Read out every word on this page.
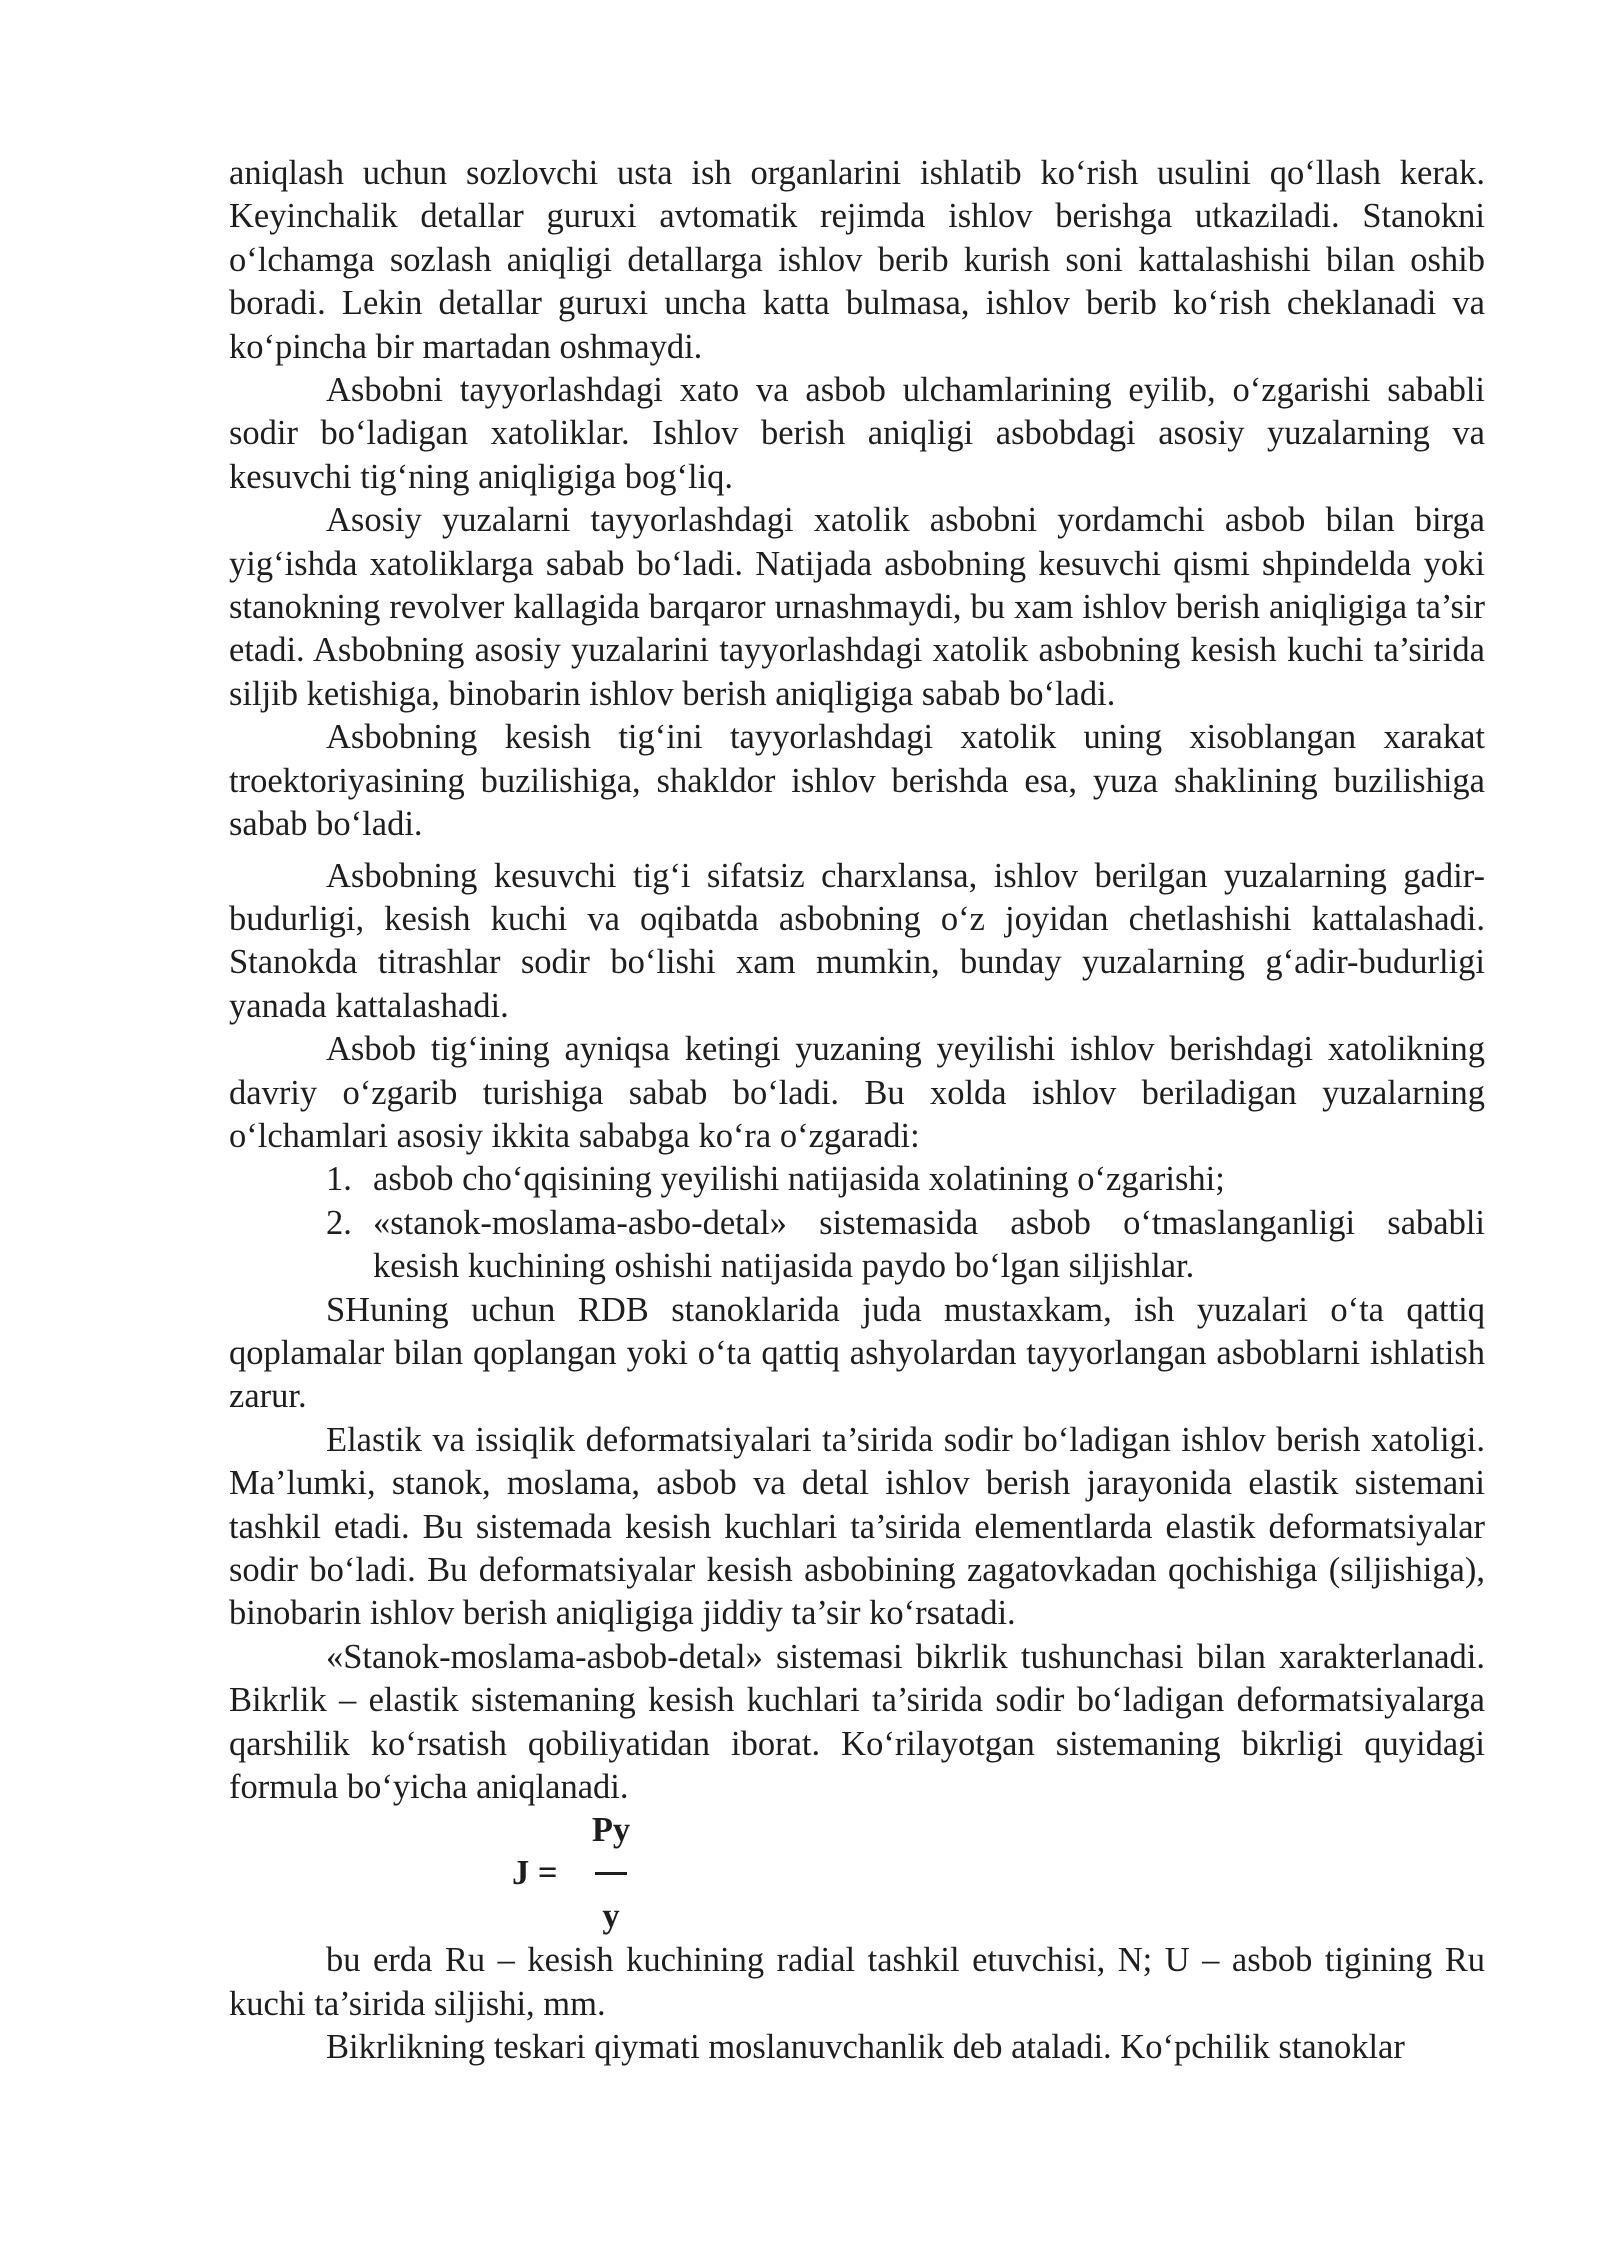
aniqlash uchun sozlovchi usta ish organlarini ishlatib ko‘rish usulini qo‘llash kerak. Keyinchalik detallar guruxi avtomatik rejimda ishlov berishga utkaziladi. Stanokni o‘lchamga sozlash aniqligi detallarga ishlov berib kurish soni kattalashishi bilan oshib boradi. Lekin detallar guruxi uncha katta bulmasa, ishlov berib ko‘rish cheklanadi va ko‘pincha bir martadan oshmaydi.

Asbobni tayyorlashdagi xato va asbob ulchamlarining eyilib, o‘zgarishi sababli sodir bo‘ladigan xatoliklar. Ishlov berish aniqligi asbobdagi asosiy yuzalarning va kesuvchi tig‘ning aniqligiga bog‘liq.

Asosiy yuzalarni tayyorlashdagi xatolik asbobni yordamchi asbob bilan birga yig‘ishda xatoliklarga sabab bo‘ladi. Natijada asbobning kesuvchi qismi shpindelda yoki stanokning revolver kallagida barqaror urnashmaydi, bu xam ishlov berish aniqligiga ta’sir etadi. Asbobning asosiy yuzalarini tayyorlashdagi xatolik asbobning kesish kuchi ta’sirida siljib ketishiga, binobarin ishlov berish aniqligiga sabab bo‘ladi.

Asbobning kesish tig‘ini tayyorlashdagi xatolik uning xisoblangan xarakat troektoriyasining buzilishiga, shakldor ishlov berishda esa, yuza shaklining buzilishiga sabab bo‘ladi.

Asbobning kesuvchi tig‘i sifatsiz charxlansa, ishlov berilgan yuzalarning gadir-budurligi, kesish kuchi va oqibatda asbobning o‘z joyidan chetlashishi kattalashadi. Stanokda titrashlar sodir bo‘lishi xam mumkin, bunday yuzalarning g‘adir-budurligi yanada kattalashadi.

Asbob tig‘ining ayniqsa ketingi yuzaning yeyilishi ishlov berishdagi xatolikning davriy o‘zgarib turishiga sabab bo‘ladi. Bu xolda ishlov beriladigan yuzalarning o‘lchamlari asosiy ikkita sababga ko‘ra o‘zgaradi:

1. asbob cho‘qqisining yeyilishi natijasida xolatining o‘zgarishi;
2. «stanok-moslama-asbo-detal» sistemasida asbob o‘tmaslanganligi sababli kesish kuchining oshishi natijasida paydo bo‘lgan siljishlar.

SHuning uchun RDB stanoklarida juda mustaxkam, ish yuzalari o‘ta qattiq qoplamalar bilan qoplangan yoki o‘ta qattiq ashyolardan tayyorlangan asboblarni ishlatish zarur.

Elastik va issiqlik deformatsiyalari ta’sirida sodir bo‘ladigan ishlov berish xatoligi. Ma’lumki, stanok, moslama, asbob va detal ishlov berish jarayonida elastik sistemani tashkil etadi. Bu sistemada kesish kuchlari ta’sirida elementlarda elastik deformatsiyalar sodir bo‘ladi. Bu deformatsiyalar kesish asbobining zagatovkadan qochishiga (siljishiga), binobarin ishlov berish aniqligiga jiddiy ta’sir ko‘rsatadi.

«Stanok-moslama-asbob-detal» sistemasi bikrlik tushunchasi bilan xarakterlanadi. Bikrlik – elastik sistemaning kesish kuchlari ta’sirida sodir bo‘ladigan deformatsiyalarga qarshilik ko‘rsatish qobiliyatidan iborat. Ko‘rilayotgan sistemaning bikrligi quyidagi formula bo‘yicha aniqlanadi.

J =
Py
y

bu erda Ru – kesish kuchining radial tashkil etuvchisi, N; U – asbob tigining Ru kuchi ta’sirida siljishi, mm.

Bikrlikning teskari qiymati moslanuvchanlik deb ataladi. Ko‘pchilik stanoklar
